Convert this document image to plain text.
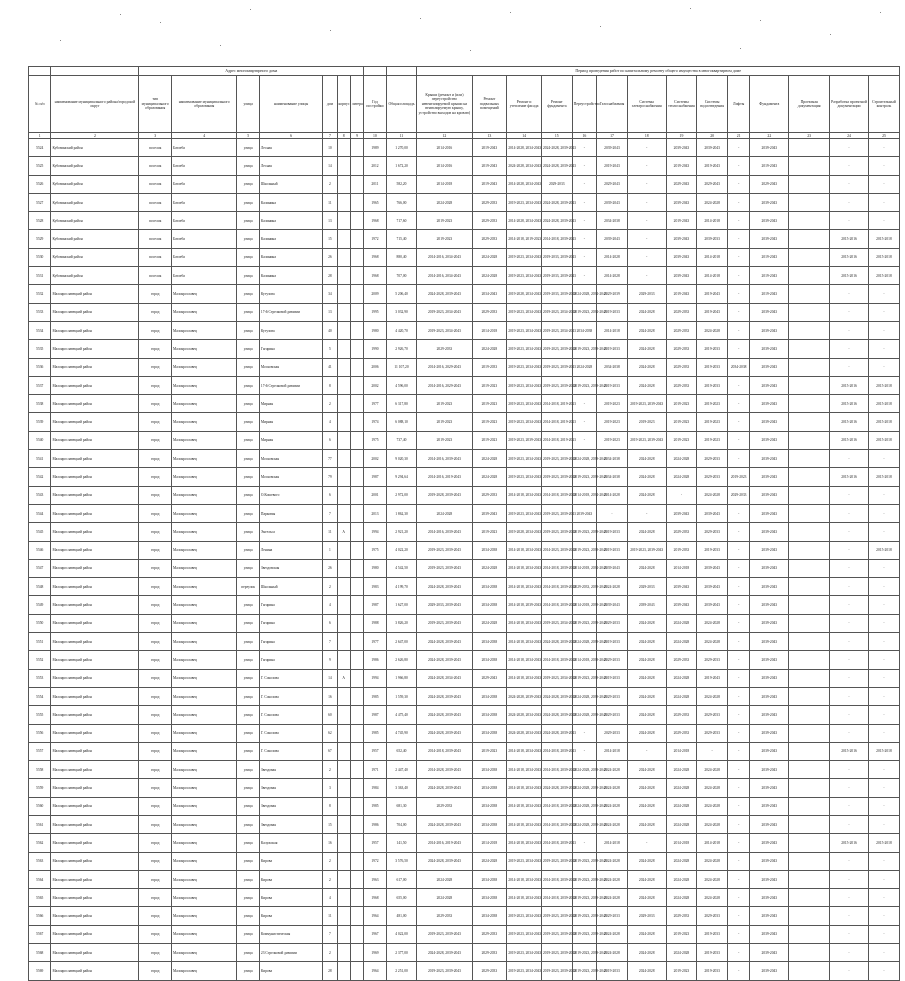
		Адрес многоквартирного дома									Период проведения работ по капитальному ремонту общего имущества в многоквартирном доме													
№ п/п	наименование муниципального района/городской округ	тип муниципального образования	наименование муниципального образования	улица	наименование улицы	дом	корпус	литера	Год постройки	Общая площадь	Крыши (ремонт и (или) переустройство невентилируемой крыши на вентилируемую крышу, устройство выходов на кровлю)	Ремонт подвальных помещений	Ремонт и утепление фасада	Ремонт фундамента	Переустройство	Газоснабжения	Системы электроснабжения	Системы теплоснабжения	Системы водоотведения	Лифты	Фундамента	Проектная документация	Разработка проектной документации	Строительный контроль
1	2	3	4	5	6	7	8	9	10	11	12	13	14	15	16	17	18	19	20	21	22	23	24	25
5524	Кубовинский район	поселок	Батлеба	улица	Лесная	10			1989	1 270,00	2014-2016	2019-2043	2014-2028, 2034-2043	2024-2028, 2039-2043	-	2039-2043	-	2039-2043	2039-2043	-	2039-2043		-	-
5525	Кубовинский район	поселок	Батлеба	улица	Лесная	14			2012	1 672,20	2014-2016	2019-2043	2024-2028, 2034-2043	2024-2028, 2039-2043	-	2019-2043	-	2019-2043	2019-2043	-	2019-2043		-	-
5526	Кубовинский район	поселок	Батлеба	улица	Школьный	2			2011	582,20	2014-2018	2019-2043	2014-2028, 2034-2043	2029-2033	-	2029-2043	-	2029-2043	2029-2043	-	2029-2043		-	-
5527	Кубовинский район	поселок	Батлеба	улица	Калинина	11			1965	766,00	2024-2028	2029-2033	2019-2023, 2034-2043	2024-2028, 2039-2043	-	2039-2043	-	2039-2043	2024-2028	-	2039-2043		-	-
5528	Кубовинский район	поселок	Батлеба	улица	Калинина	13			1968	717,60	2019-2023	2029-2033	2014-2028, 2034-2043	2024-2028, 2039-2043	-	2034-2038	-	2019-2043	2014-2018	-	2039-2043		-	-
5529	Кубовинский район	поселок	Батлеба	улица	Калинина	15			1972	715,40	2019-2023	2029-2033	2014-2018, 2019-2023	2014-2018, 2039-2043	-	2039-2043	-	2039-2043	2039-2033	-	2039-2043		2015-2016	2015-2018
5530	Кубовинский район	поселок	Батлеба	улица	Калинина	26			1968	880,40	2014-2016, 2034-2043	2024-2028	2019-2023, 2034-2043	2019-2033, 2039-2043	-	2014-2028	-	2039-2043	2014-2018	-	2019-2043		2015-2016	2015-2018
5531	Кубовинский район	поселок	Батлеба	улица	Калинина	28			1968	707,00	2014-2016, 2034-2043	2024-2028	2019-2023, 2034-2043	2019-2033, 2039-2043	-	2014-2028	-	2039-2043	2014-2018	-	2019-2043		2015-2016	2015-2018
5532	Малоярославецкий район	город	Малоярославец	улица	Кутузова	34			2009	5 206,40	2024-2028, 2039-2043	2034-2043	2019-2028, 2034-2043	2019-2033, 2039-2043	2024-2028, 2034-2043	2029-2039	2029-2033	2019-2043	2019-2043	-	2019-2043		-	-
5533	Малоярославецкий район	город	Малоярославец	улица	17-й Стрелковой дивизии	13			1995	3 032,90	2019-2023, 2034-2043	2029-2033	2019-2023, 2034-2043	2019-2023, 2034-2043	2019-2023, 2034-2043	2019-2033	2024-2028	2029-2033	2019-2043	-	2039-2043		-	-
5534	Малоярославецкий район	город	Малоярославец	улица	Кутузова	40			1980	4 420,70	2019-2023, 2034-2043	2014-2018	2019-2023, 2034-2043	2019-2023, 2034-2043	2034-2038	2014-2018	2024-2028	2029-2033	2024-2028	-	2039-2043		-	-
5535	Малоярославецкий район	город	Малоярославец	улица	Гагарина	5			1990	2 926,70	2029-2033	2024-2028	2019-2023, 2034-2043	2019-2023, 2039-2043	2019-2023, 2039-2043	2019-2033	2024-2028	2029-2033	2019-2033	-	2039-2043		-	-
5536	Малоярославецкий район	город	Малоярославец	улица	Московская	41			2006	11 107,20	2014-2016, 2029-2043	2019-2033	2019-2023, 2034-2043	2019-2023, 2039-2043	2024-2028	2034-2038	2024-2028	2029-2033	2019-2033	2034-2038	2039-2043		-	-
5537	Малоярославецкий район	город	Малоярославец	улица	17-й Стрелковой дивизии	8			2002	4 596,00	2014-2016, 2029-2043	2019-2023	2019-2023, 2034-2043	2019-2023, 2039-2043	2019-2023, 2039-2043	2019-2033	2024-2028	2029-2033	2019-2033	-	2039-2043		2015-2016	2015-2018
5538	Малоярославецкий район	город	Малоярославец	улица	Мирная	2			1977	6 317,80	2019-2023	2019-2023	2019-2023, 2034-2043	2014-2018, 2019-2023	-	2019-2023	2019-2023, 2039-2043	2019-2023	2019-2023	-	2039-2043		2015-2016	2015-2018
5539	Малоярославецкий район	город	Малоярославец	улица	Мирная	4			1974	6 088,10	2019-2023	2019-2023	2019-2023, 2034-2043	2014-2018, 2019-2023	-	2019-2023	2019-2023	2019-2023	2019-2023	-	2039-2043		2015-2016	2015-2018
5540	Малоярославецкий район	город	Малоярославец	улица	Мирная	6			1975	737,40	2019-2023	2019-2023	2019-2023, 2039-2043	2014-2018, 2019-2023	-	2019-2023	2019-2023, 2039-2043	2019-2023	2019-2023	-	2039-2043		2015-2016	2015-2018
5541	Малоярославецкий район	город	Малоярославец	улица	Московская	77			2002	9 020,30	2014-2016, 2039-2043	2024-2028	2019-2023, 2034-2043	2019-2023, 2039-2043	2024-2028, 2039-2043	2034-2038	2024-2028	2024-2028	2029-2033	-	2039-2043		-	-
5542	Малоярославецкий район	город	Малоярославец	улица	Московская	79			1987	9 294,64	2014-2016, 2019-2043	2024-2028	2019-2023, 2034-2043	2019-2023, 2039-2043	2019-2023, 2039-2043	2034-2038	2024-2028	2024-2028	2029-2033	2019-2023	2039-2043		2015-2016	2015-2018
5543	Малоярославецкий район	город	Малоярославец	улица	О.Кошевого	6			2001	2 972,00	2019-2028, 2039-2043	2029-2033	2014-2018, 2034-2043	2014-2018, 2039-2043	2014-2018, 2034-2043	2014-2028	2024-2028	-	2024-2028	2029-2033	2039-2043		-	-
5544	Малоярославецкий район	город	Малоярославец	улица	Парковая	7			2013	1 862,30	2024-2028	2039-2043	2019-2023, 2034-2043	2019-2023, 2039-2043	2039-2043	-	-	2039-2043	2039-2043	-	2039-2043		-	-
5545	Малоярославецкий район	город	Малоярославец	улица	Энгельса	11	А		1994	2 921,20	2014-2016, 2039-2043	2019-2023	2019-2028, 2034-2043	2019-2023, 2039-2043	2019-2023, 2039-2043	2019-2033	2024-2028	2029-2033	2029-2033	-	2039-2043		-	-
5546	Малоярославецкий район	город	Малоярославец	улица	Ленина	1			1975	4 022,20	2019-2023, 2039-2043	2034-2038	2014-2018, 2034-2043	2014-2023, 2039-2043	2019-2023, 2039-2043	2019-2033	2019-2023, 2039-2043	2019-2033	2019-2033	-	2039-2043		-	2015-2018
5547	Малоярославецкий район	город	Малоярославец	улица	Звездовская	26			1980	4 542,50	2019-2023, 2039-2043	2024-2028	2014-2018, 2034-2043	2014-2018, 2039-2043	2014-2018, 2034-2043	2039-2043	2024-2028	2014-2018	2039-2043	-	2039-2043		-	-
5548	Малоярославецкий район	город	Малоярославец	переулок	Школьный	2			1983	4 199,70	2024-2028, 2039-2043	2034-2038	2014-2018, 2034-2043	2014-2018, 2039-2043	2029-2033, 2039-2043	2024-2028	2029-2033	2039-2043	2039-2043	-	2039-2043		-	-
5549	Малоярославецкий район	город	Малоярославец	улица	Гагарина	4			1987	1 627,00	2029-2033, 2039-2043	2034-2038	2014-2018, 2039-2043	2014-2018, 2039-2043	2014-2018, 2039-2043	2039-2043	2039-2043	2039-2043	2039-2043	-	2039-2043		-	-
5550	Малоярославецкий район	город	Малоярославец	улица	Гагарина	6			1988	3 826,20	2019-2023, 2039-2043	2024-2028	2014-2018, 2034-2043	2019-2023, 2034-2043	2019-2023, 2039-2043	2029-2033	2024-2028	2024-2028	2024-2028	-	2039-2043		-	-
5551	Малоярославецкий район	город	Малоярославец	улица	Гагарина	7			1977	2 647,00	2024-2028, 2039-2043	2034-2038	2014-2018, 2034-2043	2024-2028, 2039-2043	2024-2028, 2039-2043	2019-2033	2024-2028	2024-2028	2024-2028	-	2039-2043		-	-
5552	Малоярославецкий район	город	Малоярославец	улица	Гагарина	9			1986	2 626,80	2024-2028, 2039-2043	2034-2038	2014-2018, 2034-2043	2014-2018, 2039-2043	2014-2018, 2039-2043	2029-2033	2024-2028	2029-2033	2029-2033	-	2039-2043		-	-
5553	Малоярославецкий район	город	Малоярославец	улица	Г. Соколова	14	А		1994	1 966,80	2024-2028, 2034-2043	2029-2043	2014-2018, 2034-2043	2019-2023, 2034-2043	2019-2023, 2039-2043	2019-2033	2024-2028	2024-2028	2019-2043	-	2039-2043		-	-
5554	Малоярославецкий район	город	Малоярославец	улица	Г. Соколова	16			1985	1 559,30	2024-2028, 2039-2043	2034-2038	2024-2028, 2039-2043	2024-2028, 2039-2043	2024-2028, 2039-2043	2029-2033	2024-2028	2024-2028	2024-2028	-	2039-2043		-	-
5555	Малоярославецкий район	город	Малоярославец	улица	Г. Соколова	60			1987	4 475,40	2024-2028, 2039-2043	2034-2038	2024-2028, 2034-2043	2024-2028, 2039-2043	2024-2028, 2039-2043	2029-2033	2024-2028	2029-2033	2029-2033	-	2039-2043		-	-
5556	Малоярославецкий район	город	Малоярославец	улица	Г. Соколова	62			1985	4 745,90	2024-2028, 2039-2043	2034-2038	2024-2028, 2034-2043	2024-2028, 2039-2043	-	2029-2033	2024-2028	2029-2033	2029-2033	-	2039-2043		-	-
5557	Малоярославецкий район	город	Малоярославец	улица	Г. Соколова	67			1957	652,40	2014-2018, 2039-2043	2019-2023	2014-2018, 2034-2043	2014-2018, 2039-2043	-	2014-2018	-	2014-2018	-	-	2039-2043		2015-2016	2015-2018
5558	Малоярославецкий район	город	Малоярославец	улица	Звездовая	2			1971	2 447,40	2014-2028, 2039-2043	2034-2038	2014-2018, 2034-2043	2014-2018, 2039-2043	2024-2028, 2039-2043	2024-2028	2024-2028	2024-2028	2024-2028	-	2039-2043		-	-
5559	Малоярославецкий район	город	Малоярославец	улица	Звездовая	3			1984	3 363,40	2024-2028, 2039-2043	2034-2038	2014-2018, 2034-2043	2024-2028, 2039-2043	2024-2028, 2039-2043	2024-2028	2024-2028	2024-2028	2024-2028	-	2039-2043		-	-
5560	Малоярославецкий район	город	Малоярославец	улица	Звездовая	8			1985	681,30	2029-2033	2034-2038	2014-2018, 2034-2043	2014-2018, 2039-2043	2024-2028, 2039-2043	2024-2028	2024-2028	2024-2028	2024-2028	-	2039-2043		-	-
5561	Малоярославецкий район	город	Малоярославец	улица	Звездовая	15			1986	704,00	2024-2028, 2039-2043	2034-2038	2014-2018, 2034-2043	2014-2018, 2039-2043	2024-2028, 2039-2043	2024-2028	2024-2028	2024-2028	2024-2028	-	2039-2043		-	-
5562	Малоярославецкий район	город	Малоярославец	улица	Калужская	16			1957	141,50	2014-2016, 2019-2043	2014-2018	2014-2018, 2034-2043	2014-2018, 2039-2043	-	2014-2018	-	2014-2018	2014-2018	-	2039-2043		2015-2016	2015-2018
5563	Малоярославецкий район	город	Малоярославец	улица	Кирова	2			1972	3 576,50	2024-2028, 2039-2043	2024-2028	2019-2023, 2034-2043	2019-2023, 2039-2043	2019-2023, 2039-2043	2024-2028	2024-2028	2024-2028	2024-2028	-	2039-2043		-	-
5564	Малоярославецкий район	город	Малоярославец	улица	Кирова	2			1963	617,00	2024-2028	2034-2038	2014-2018, 2034-2043	2014-2018, 2039-2043	2019-2023, 2039-2043	2024-2028	2024-2028	2024-2028	2024-2028	-	2039-2043		-	-
5565	Малоярославецкий район	город	Малоярославец	улица	Кирова	4			1968	655,00	2024-2028	2034-2038	2014-2018, 2034-2043	2014-2018, 2039-2043	2019-2023, 2039-2043	2024-2028	2024-2028	2024-2028	2024-2028	-	2039-2043		-	-
5566	Малоярославецкий район	город	Малоярославец	улица	Кирова	11			1964	481,00	2029-2033	2034-2038	2019-2023, 2034-2043	2019-2023, 2039-2043	2019-2023, 2039-2043	2029-2033	2029-2033	2029-2033	2029-2033	-	2039-2043		-	-
5567	Малоярославецкий район	город	Малоярославец	улица	Коммунистическая	7			1967	4 022,00	2019-2023, 2039-2043	2029-2033	2019-2023, 2034-2043	2019-2023, 2039-2043	2019-2023, 2039-2043	2024-2028	2024-2028	2019-2023	2019-2033	-	2039-2043		-	-
5568	Малоярославецкий район	город	Малоярославец	улица	23 Стрелковой дивизии	2			1969	2 377,00	2024-2028, 2039-2043	2029-2033	2019-2023, 2034-2043	2019-2023, 2039-2043	2019-2023, 2039-2043	2024-2028	2024-2028	2024-2028	2019-2033	-	2039-2043		-	-
5569	Малоярославецкий район	город	Малоярославец	улица	Кирова	28			1964	2 251,00	2019-2023, 2039-2043	2029-2033	2019-2023, 2034-2043	2019-2023, 2039-2043	2019-2023, 2039-2043	2019-2033	2024-2028	2019-2023	2019-2033	-	2039-2043		-	-
